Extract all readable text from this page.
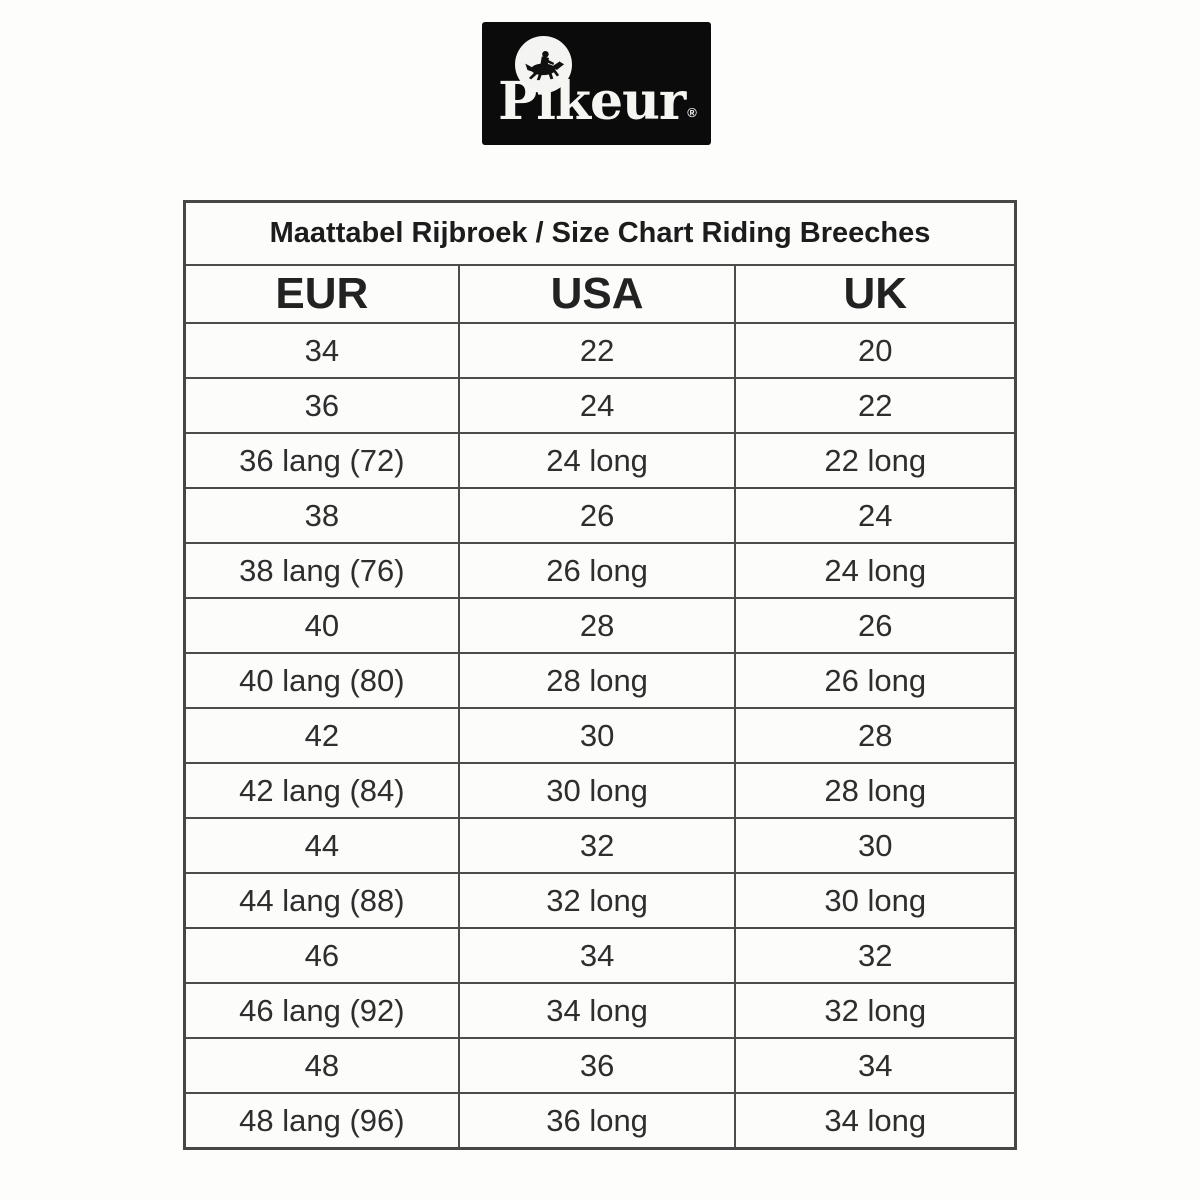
Pikeur ®
Maattabel Rijbroek / Size Chart Riding Breeches		
EUR	USA	UK
34	22	20
36	24	22
36 lang (72)	24 long	22 long
38	26	24
38 lang (76)	26 long	24 long
40	28	26
40 lang (80)	28 long	26 long
42	30	28
42 lang (84)	30 long	28 long
44	32	30
44 lang (88)	32 long	30 long
46	34	32
46 lang (92)	34 long	32 long
48	36	34
48 lang (96)	36 long	34 long
